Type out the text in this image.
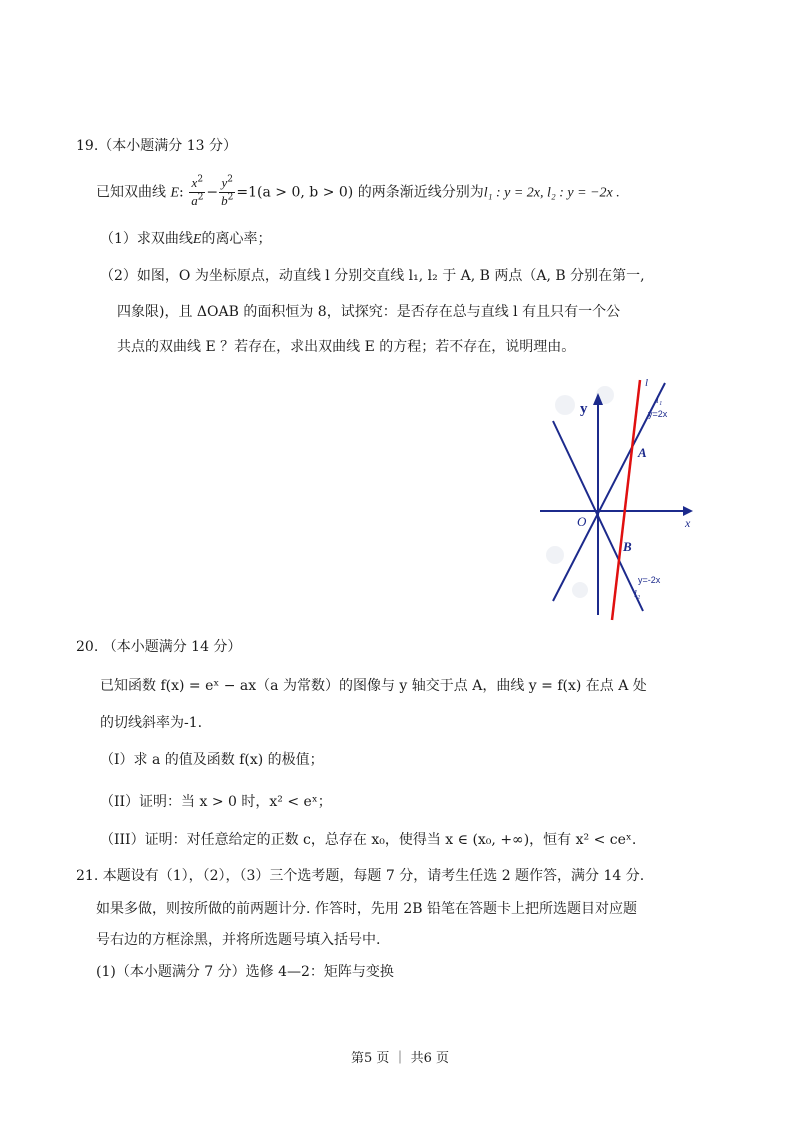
19.（本小题满分 13 分）
已知双曲线 E: $\frac{x^2}{a^2} - \frac{y^2}{b^2} =1(a > 0$, b > 0) 的两条渐近线分别为l₁ : y = 2x, l₂ : y = −2x .
（1）求双曲线E的离心率；
（2）如图，O 为坐标原点，动直线 l 分别交直线 l₁, l₂ 于 A, B 两点（A, B 分别在第一,
四象限)，且 ΔOAB 的面积恒为 8，试探究：是否存在总与直线 l 有且只有一个公
共点的双曲线 E ？若存在，求出双曲线 E 的方程；若不存在，说明理由。
y
x
O
A
B
l
l₁
y=2x
y=-2x
l₂
20. （本小题满分 14 分）
已知函数 f(x) = eˣ − ax（a 为常数）的图像与 y 轴交于点 A，曲线 y = f(x) 在点 A 处
的切线斜率为-1.
（I）求 a 的值及函数 f(x) 的极值；
（II）证明：当 x > 0 时，x² < eˣ；
（III）证明：对任意给定的正数 c，总存在 x₀，使得当 x ∈ (x₀, +∞)，恒有 x² < ceˣ.
21. 本题设有（1），（2），（3）三个选考题，每题 7 分，请考生任选 2 题作答，满分 14 分.
如果多做，则按所做的前两题计分. 作答时，先用 2B 铅笔在答题卡上把所选题目对应题
号右边的方框涂黑，并将所选题号填入括号中.
(1)（本小题满分 7 分）选修 4—2：矩阵与变换
第5 页 ｜ 共6 页
